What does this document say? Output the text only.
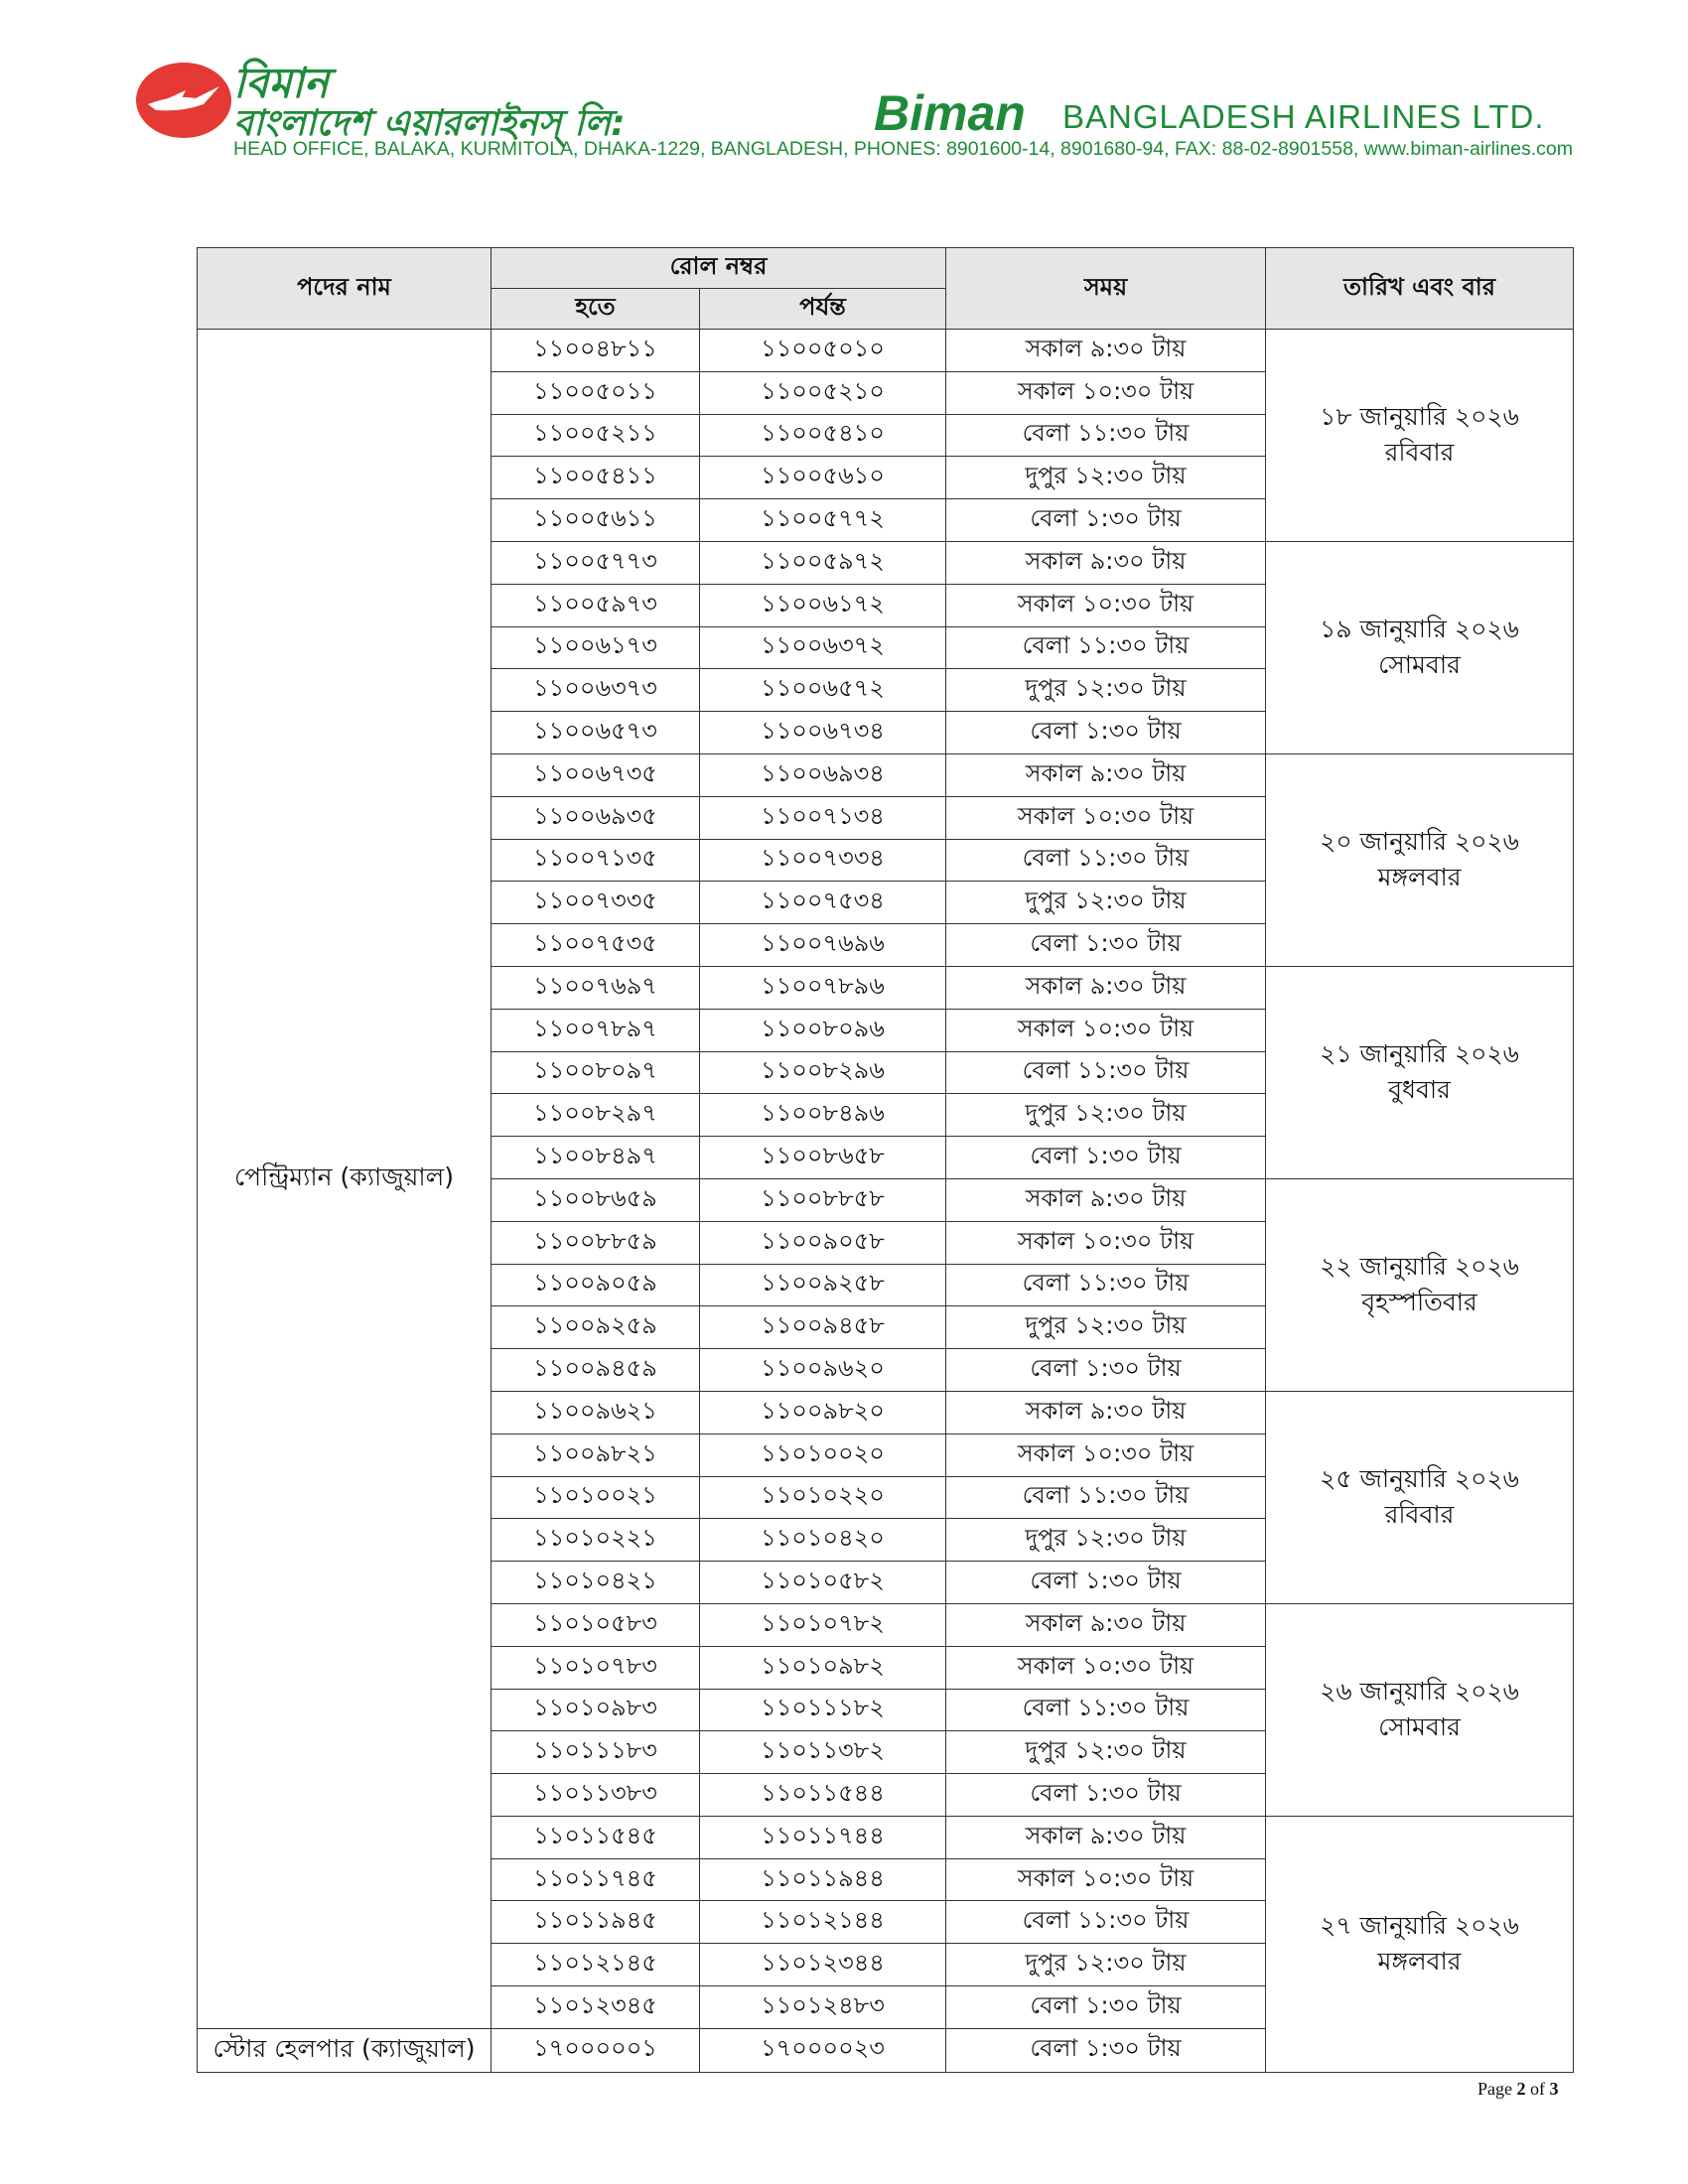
বিমান
বাংলাদেশ এয়ারলাইনস্ লি:	Biman BANGLADESH AIRLINES LTD.
HEAD OFFICE, BALAKA, KURMITOLA, DHAKA-1229, BANGLADESH, PHONES: 8901600-14, 8901680-94, FAX: 88-02-8901558, www.biman-airlines.com
পদের নাম	রোল নম্বর		সময়	তারিখ এবং বার
	হতে	পর্যন্ত		
পেন্ট্রিম্যান (ক্যাজুয়াল)	১১০০৪৮১১	১১০০৫০১০	সকাল ৯:৩০ টায়	১৮ জানুয়ারি ২০২৬
রবিবার

	১১০০৫০১১	১১০০৫২১০	সকাল ১০:৩০ টায়	
	১১০০৫২১১	১১০০৫৪১০	বেলা ১১:৩০ টায়	
	১১০০৫৪১১	১১০০৫৬১০	দুপুর ১২:৩০ টায়	
	১১০০৫৬১১	১১০০৫৭৭২	বেলা ১:৩০ টায়	
	১১০০৫৭৭৩	১১০০৫৯৭২	সকাল ৯:৩০ টায়	১৯ জানুয়ারি ২০২৬
সোমবার

	১১০০৫৯৭৩	১১০০৬১৭২	সকাল ১০:৩০ টায়	
	১১০০৬১৭৩	১১০০৬৩৭২	বেলা ১১:৩০ টায়	
	১১০০৬৩৭৩	১১০০৬৫৭২	দুপুর ১২:৩০ টায়	
	১১০০৬৫৭৩	১১০০৬৭৩৪	বেলা ১:৩০ টায়	
	১১০০৬৭৩৫	১১০০৬৯৩৪	সকাল ৯:৩০ টায়	২০ জানুয়ারি ২০২৬
মঙ্গলবার

	১১০০৬৯৩৫	১১০০৭১৩৪	সকাল ১০:৩০ টায়	
	১১০০৭১৩৫	১১০০৭৩৩৪	বেলা ১১:৩০ টায়	
	১১০০৭৩৩৫	১১০০৭৫৩৪	দুপুর ১২:৩০ টায়	
	১১০০৭৫৩৫	১১০০৭৬৯৬	বেলা ১:৩০ টায়	
	১১০০৭৬৯৭	১১০০৭৮৯৬	সকাল ৯:৩০ টায়	২১ জানুয়ারি ২০২৬
বুধবার

	১১০০৭৮৯৭	১১০০৮০৯৬	সকাল ১০:৩০ টায়	
	১১০০৮০৯৭	১১০০৮২৯৬	বেলা ১১:৩০ টায়	
	১১০০৮২৯৭	১১০০৮৪৯৬	দুপুর ১২:৩০ টায়	
	১১০০৮৪৯৭	১১০০৮৬৫৮	বেলা ১:৩০ টায়	
	১১০০৮৬৫৯	১১০০৮৮৫৮	সকাল ৯:৩০ টায়	২২ জানুয়ারি ২০২৬
বৃহস্পতিবার

	১১০০৮৮৫৯	১১০০৯০৫৮	সকাল ১০:৩০ টায়	
	১১০০৯০৫৯	১১০০৯২৫৮	বেলা ১১:৩০ টায়	
	১১০০৯২৫৯	১১০০৯৪৫৮	দুপুর ১২:৩০ টায়	
	১১০০৯৪৫৯	১১০০৯৬২০	বেলা ১:৩০ টায়	
	১১০০৯৬২১	১১০০৯৮২০	সকাল ৯:৩০ টায়	২৫ জানুয়ারি ২০২৬
রবিবার

	১১০০৯৮২১	১১০১০০২০	সকাল ১০:৩০ টায়	
	১১০১০০২১	১১০১০২২০	বেলা ১১:৩০ টায়	
	১১০১০২২১	১১০১০৪২০	দুপুর ১২:৩০ টায়	
	১১০১০৪২১	১১০১০৫৮২	বেলা ১:৩০ টায়	
	১১০১০৫৮৩	১১০১০৭৮২	সকাল ৯:৩০ টায়	২৬ জানুয়ারি ২০২৬
সোমবার

	১১০১০৭৮৩	১১০১০৯৮২	সকাল ১০:৩০ টায়	
	১১০১০৯৮৩	১১০১১১৮২	বেলা ১১:৩০ টায়	
	১১০১১১৮৩	১১০১১৩৮২	দুপুর ১২:৩০ টায়	
	১১০১১৩৮৩	১১০১১৫৪৪	বেলা ১:৩০ টায়	
	১১০১১৫৪৫	১১০১১৭৪৪	সকাল ৯:৩০ টায়	২৭ জানুয়ারি ২০২৬
মঙ্গলবার

	১১০১১৭৪৫	১১০১১৯৪৪	সকাল ১০:৩০ টায়	
	১১০১১৯৪৫	১১০১২১৪৪	বেলা ১১:৩০ টায়	
	১১০১২১৪৫	১১০১২৩৪৪	দুপুর ১২:৩০ টায়	
	১১০১২৩৪৫	১১০১২৪৮৩	বেলা ১:৩০ টায়	
স্টোর হেলপার (ক্যাজুয়াল)	১৭০০০০০১	১৭০০০০২৩	বেলা ১:৩০ টায়	
Page 2 of 3
